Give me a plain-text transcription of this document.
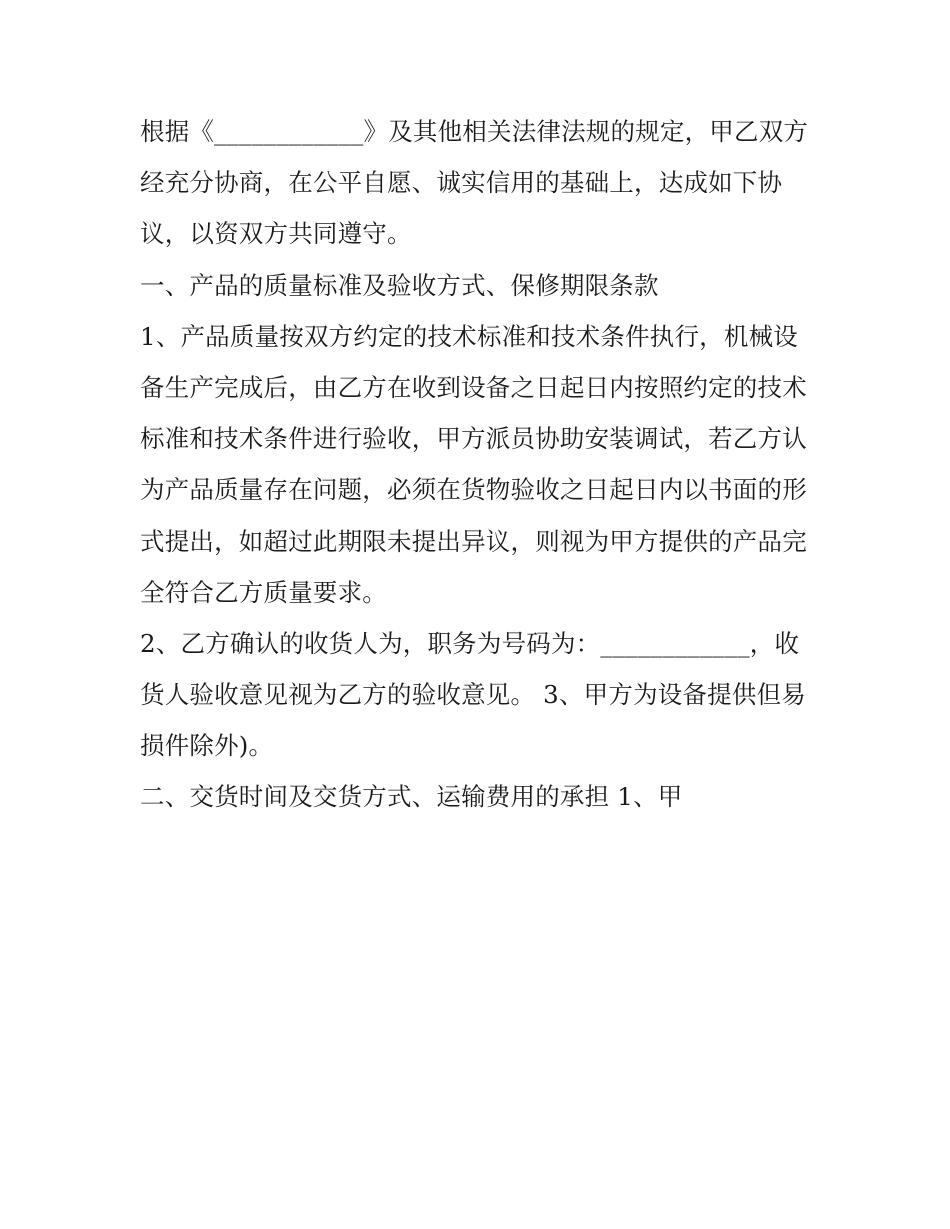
根据《____________》及其他相关法律法规的规定，甲乙双方
经充分协商，在公平自愿、诚实信用的基础上，达成如下协
议，以资双方共同遵守。
一、产品的质量标准及验收方式、保修期限条款
1、产品质量按双方约定的技术标准和技术条件执行，机械设
备生产完成后，由乙方在收到设备之日起日内按照约定的技术
标准和技术条件进行验收，甲方派员协助安装调试，若乙方认
为产品质量存在问题，必须在货物验收之日起日内以书面的形
式提出，如超过此期限未提出异议，则视为甲方提供的产品完
全符合乙方质量要求。
2、乙方确认的收货人为，职务为号码为：____________，收
货人验收意见视为乙方的验收意见。 3、甲方为设备提供但易
损件除外)。
二、交货时间及交货方式、运输费用的承担 1、甲
